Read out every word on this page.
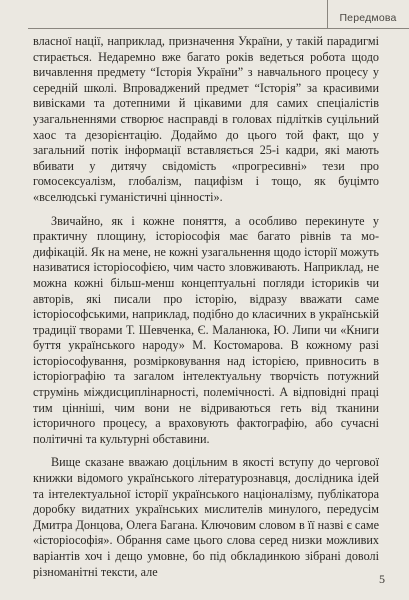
Передмова

власної нації, наприклад, призначення України, у такій парадигмі стирається. Недаремно вже багато років ведеться робота щодо вичавлення предмету “Історія України” з навчального процесу у середній школі. Впроваджений предмет “Історія” за красивими вивісками та дотепними й цікавими для самих спеціалістів узагальненнями створює насправді в головах підлітків суцільний хаос та дезорієнтацію. Додаймо до цього той факт, що у загальний потік інформації вставляється 25-і кадри, які мають вбивати у дитячу свідомість «прогресивні» тези про гомосексуалізм, глобалізм, пацифізм і тощо, як буцімто «вселюдські гуманістичні цінності».

Звичайно, як і кожне поняття, а особливо перекинуте у практичну площину, історіософія має багато рівнів та модифікацій. Як на мене, не кожні узагальнення щодо історії можуть називатися історіософією, чим часто зловживають. Наприклад, не можна кожні більш-менш концептуальні погляди істориків чи авторів, які писали про історію, відразу вважати саме історіософськими, наприклад, подібно до класичних в українській традиції творами Т. Шевченка, Є. Маланюка, Ю. Липи чи «Книги буття українського народу» М. Костомарова. В кожному разі історіософування, розмірковування над історією, привносить в історіографію та загалом інтелектуальну творчість потужний струмінь міждисциплінарності, полемічності. А відповідні праці тим цінніші, чим вони не відриваються геть від тканини історичного процесу, а враховують фактографію, або сучасні політичні та культурні обставини.

Вище сказане вважаю доцільним в якості вступу до чергової книжки відомого українського літературознавця, дослідника ідей та інтелектуальної історії українського націоналізму, публікатора доробку видатних українських мислителів минулого, передусім Дмитра Донцова, Олега Багана. Ключовим словом в її назві є саме «історіософія». Обрання саме цього слова серед низки можливих варіантів хоч і дещо умовне, бо під обкладинкою зібрані доволі різноманітні тексти, але

5
